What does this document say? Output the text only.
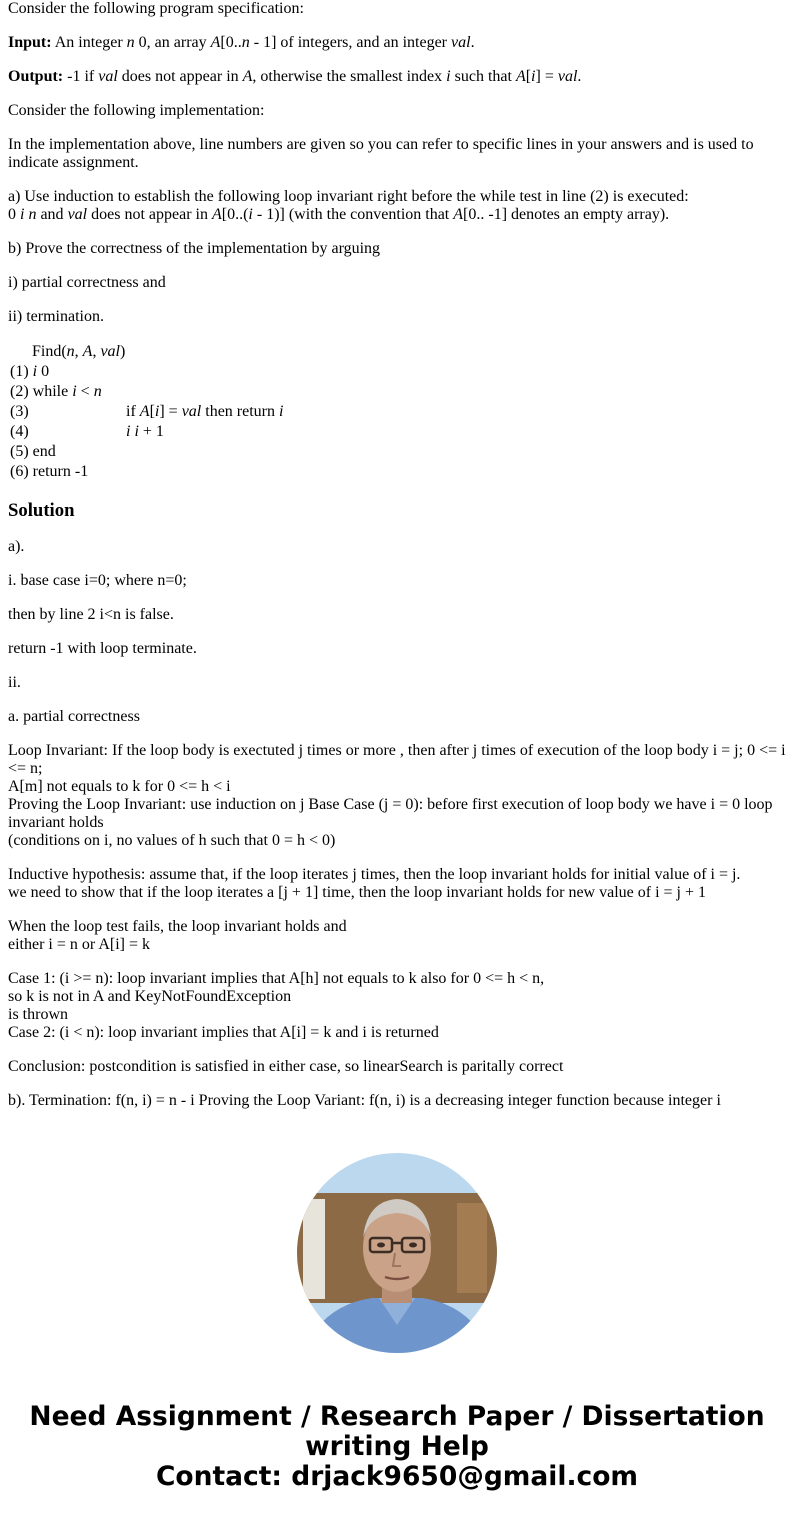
Consider the following program specification:

Input: An integer n 0, an array A[0..n - 1] of integers, and an integer val.

Output: -1 if val does not appear in A, otherwise the smallest index i such that A[i] = val.

Consider the following implementation:

In the implementation above, line numbers are given so you can refer to specific lines in your answers and is used to indicate assignment.

a) Use induction to establish the following loop invariant right before the while test in line (2) is executed:
0 i n and val does not appear in A[0..(i - 1)] (with the convention that A[0.. -1] denotes an empty array).

b) Prove the correctness of the implementation by arguing

i) partial correctness and

ii) termination.

Find(n, A, val)	
(1) i 0	
(2) while i < n	
(3)	if A[i] = val then return i
(4)	i i + 1
(5) end	
(6) return -1	
Solution

a).

i. base case i=0; where n=0;

then by line 2 i<n is false.

return -1 with loop terminate.

ii.

a. partial correctness

Loop Invariant: If the loop body is exectuted j times or more , then after j times of execution of the loop body i = j; 0 <= i <= n;
A[m] not equals to k for 0 <= h < i
Proving the Loop Invariant: use induction on j Base Case (j = 0): before first execution of loop body we have i = 0 loop invariant holds
(conditions on i, no values of h such that 0 = h < 0)

Inductive hypothesis: assume that, if the loop iterates j times, then the loop invariant holds for initial value of i = j.
we need to show that if the loop iterates a [j + 1] time, then the loop invariant holds for new value of i = j + 1

When the loop test fails, the loop invariant holds and
either i = n or A[i] = k

Case 1: (i >= n): loop invariant implies that A[h] not equals to k also for 0 <= h < n,
so k is not in A and KeyNotFoundException
is thrown
Case 2: (i < n): loop invariant implies that A[i] = k and i is returned

Conclusion: postcondition is satisfied in either case, so linearSearch is paritally correct

b). Termination: f(n, i) = n - i Proving the Loop Variant: f(n, i) is a decreasing integer function because integer i

Need Assignment / Research Paper / Dissertation
writing Help
Contact: drjack9650@gmail.com
